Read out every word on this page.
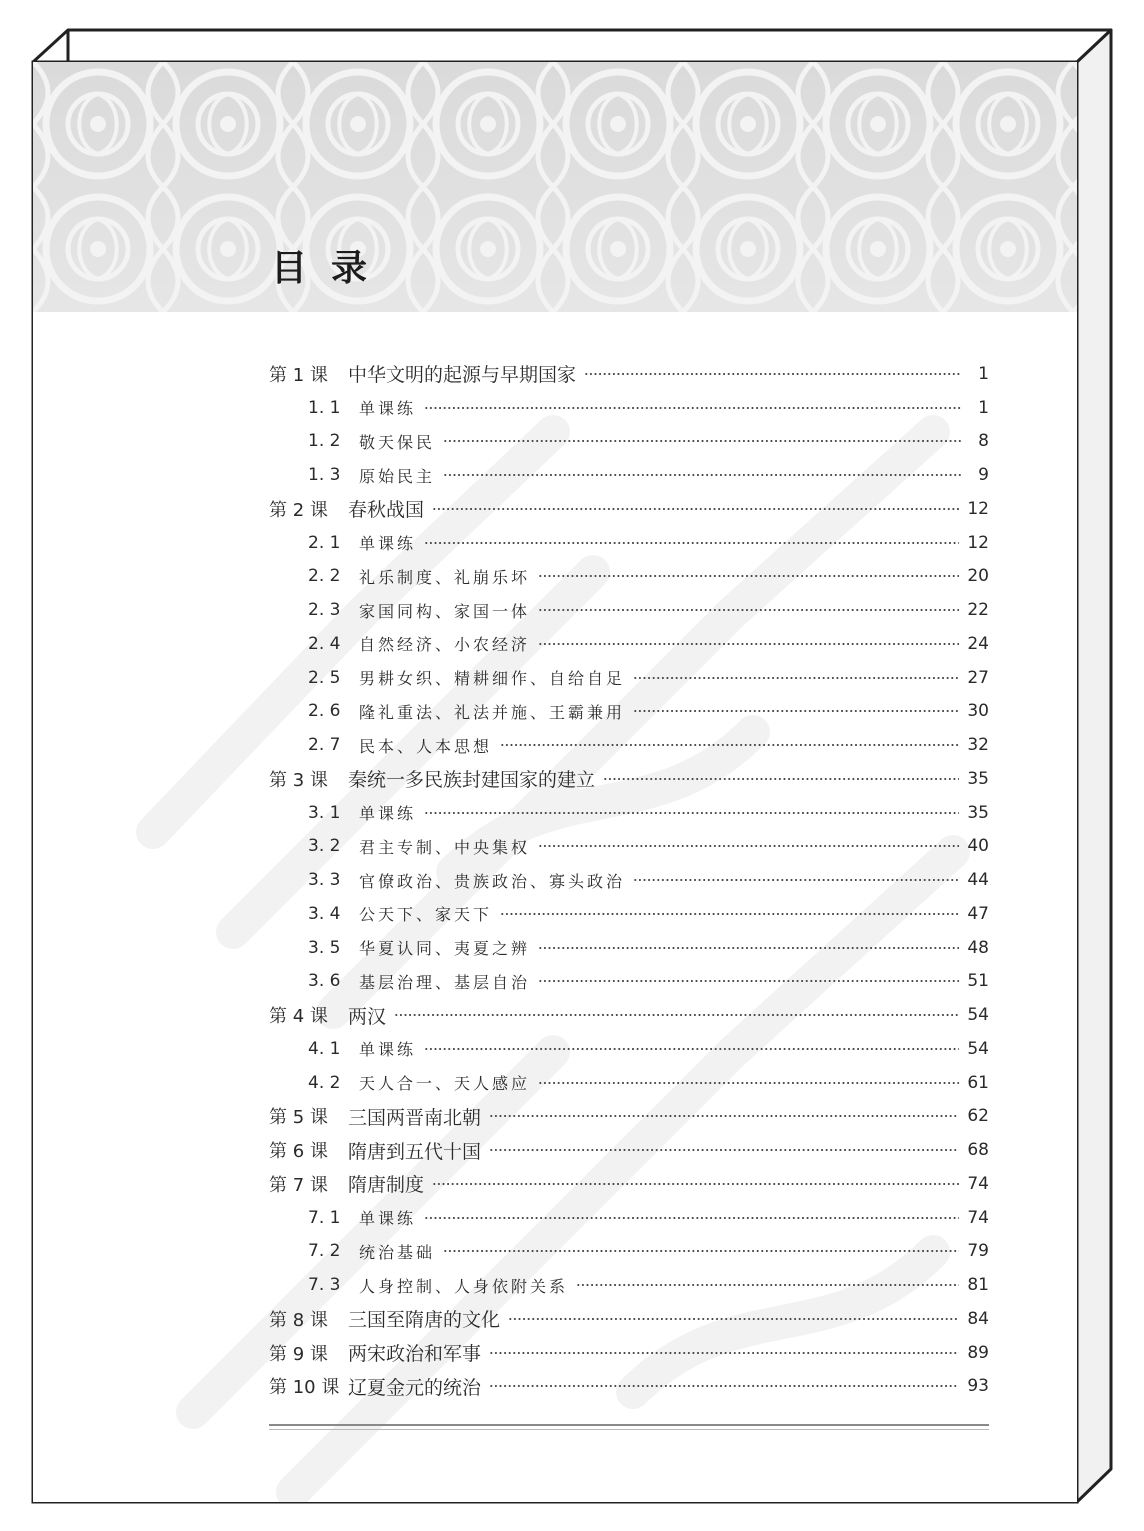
目录
第 1 课	中华文明的起源与早期国家	1
1. 1	单课练	1
1. 2	敬天保民	8
1. 3	原始民主	9
第 2 课	春秋战国	12
2. 1	单课练	12
2. 2	礼乐制度、礼崩乐坏	20
2. 3	家国同构、家国一体	22
2. 4	自然经济、小农经济	24
2. 5	男耕女织、精耕细作、自给自足	27
2. 6	隆礼重法、礼法并施、王霸兼用	30
2. 7	民本、人本思想	32
第 3 课	秦统一多民族封建国家的建立	35
3. 1	单课练	35
3. 2	君主专制、中央集权	40
3. 3	官僚政治、贵族政治、寡头政治	44
3. 4	公天下、家天下	47
3. 5	华夏认同、夷夏之辨	48
3. 6	基层治理、基层自治	51
第 4 课	两汉	54
4. 1	单课练	54
4. 2	天人合一、天人感应	61
第 5 课	三国两晋南北朝	62
第 6 课	隋唐到五代十国	68
第 7 课	隋唐制度	74
7. 1	单课练	74
7. 2	统治基础	79
7. 3	人身控制、人身依附关系	81
第 8 课	三国至隋唐的文化	84
第 9 课	两宋政治和军事	89
第 10 课 辽夏金元的统治	93
